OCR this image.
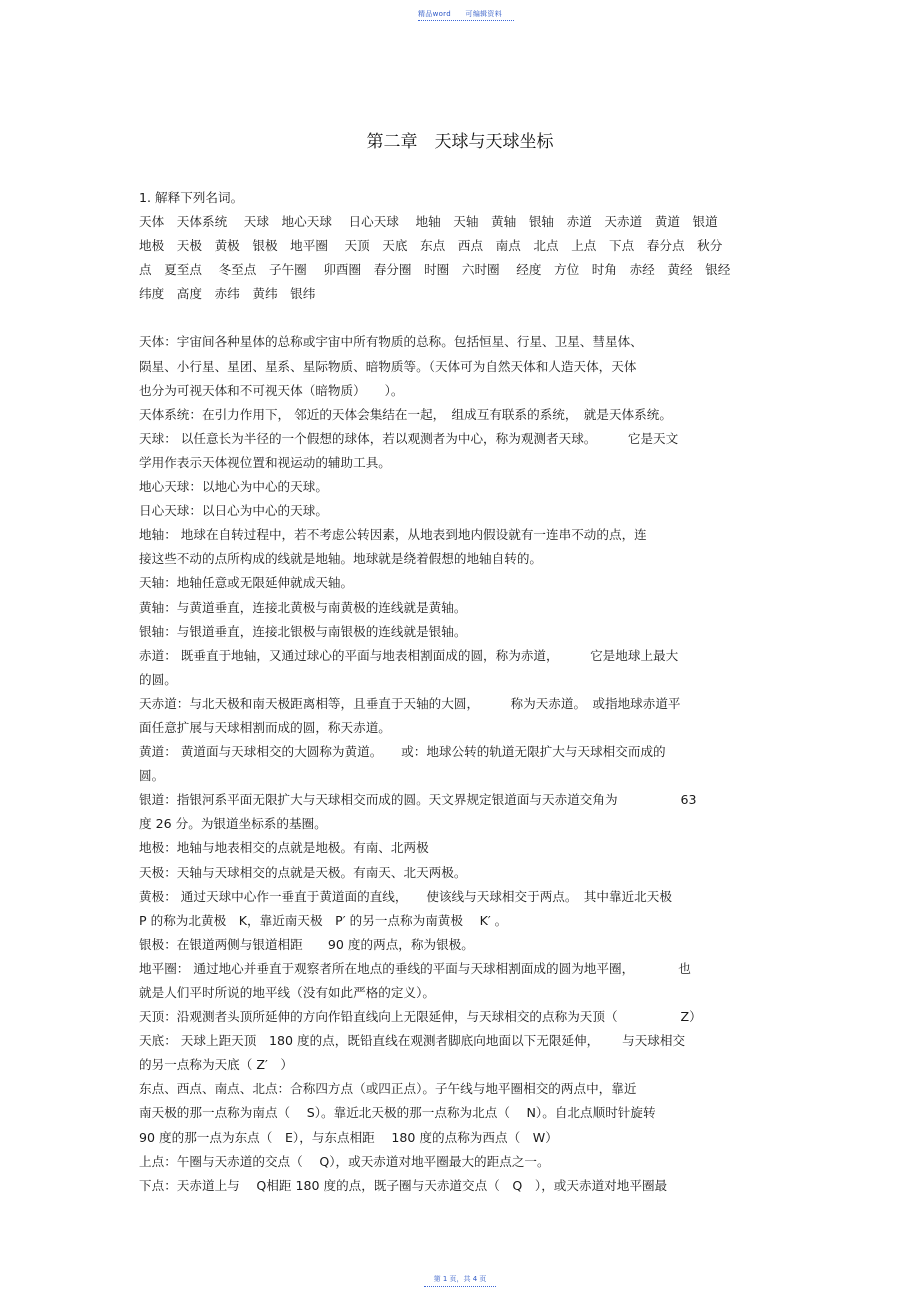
精品word 可编辑资料
第二章　天球与天球坐标
1. 解释下列名词。
天体　天体系统　 天球　地心天球　 日心天球　 地轴　天轴　黄轴　银轴　赤道　天赤道　黄道　银道
地极　天极　黄极　银极　地平圈　 天顶　天底　东点　西点　南点　北点　上点　下点　春分点　秋分
点　夏至点　 冬至点　子午圈　 卯酉圈　春分圈　时圈　六时圈　 经度　方位　时角　赤经　黄经　银经
纬度　高度　赤纬　黄纬　银纬
天体：宇宙间各种星体的总称或宇宙中所有物质的总称。包括恒星、行星、卫星、彗星体、
陨星、小行星、星团、星系、星际物质、暗物质等。（天体可为自然天体和人造天体，天体
也分为可视天体和不可视天体（暗物质）　　）。
天体系统：在引力作用下， 邻近的天体会集结在一起，　组成互有联系的系统，　就是天体系统。
天球： 以任意长为半径的一个假想的球体，若以观测者为中心，称为观测者天球。　　　它是天文
学用作表示天体视位置和视运动的辅助工具。
地心天球：以地心为中心的天球。
日心天球：以日心为中心的天球。
地轴： 地球在自转过程中，若不考虑公转因素，从地表到地内假设就有一连串不动的点，连
接这些不动的点所构成的线就是地轴。地球就是绕着假想的地轴自转的。
天轴：地轴任意或无限延伸就成天轴。
黄轴：与黄道垂直，连接北黄极与南黄极的连线就是黄轴。
银轴：与银道垂直，连接北银极与南银极的连线就是银轴。
赤道： 既垂直于地轴，又通过球心的平面与地表相割面成的圆，称为赤道，　　　它是地球上最大
的圆。
天赤道：与北天极和南天极距离相等，且垂直于天轴的大圆，　　　称为天赤道。　或指地球赤道平
面任意扩展与天球相割而成的圆，称天赤道。
黄道： 黄道面与天球相交的大圆称为黄道。　　或：地球公转的轨道无限扩大与天球相交而成的
圆。
银道：指银河系平面无限扩大与天球相交而成的圆。天文界规定银道面与天赤道交角为　　　　　63
度 26 分。为银道坐标系的基圈。
地极：地轴与地表相交的点就是地极。有南、北两极
天极：天轴与天球相交的点就是天极。有南天、北天两极。
黄极： 通过天球中心作一垂直于黄道面的直线，　　使该线与天球相交于两点。　其中靠近北天极
P 的称为北黄极　K，靠近南天极　P′ 的另一点称为南黄极　 K′ 。
银极：在银道两侧与银道相距　　90 度的两点，称为银极。
地平圈： 通过地心并垂直于观察者所在地点的垂线的平面与天球相割面成的圆为地平圈，　　　　也
就是人们平时所说的地平线（没有如此严格的定义）。
天顶：沿观测者头顶所延伸的方向作铅直线向上无限延伸，与天球相交的点称为天顶（　　　　　Z）
天底： 天球上距天顶　180 度的点，既铅直线在观测者脚底向地面以下无限延伸，　　 与天球相交
的另一点称为天底（ Z′　）
东点、西点、南点、北点：合称四方点（或四正点）。子午线与地平圈相交的两点中，靠近
南天极的那一点称为南点（　 S）。靠近北天极的那一点称为北点（　 N）。自北点顺时针旋转
90 度的那一点为东点（　E），与东点相距　 180 度的点称为西点（　W）
上点：午圈与天赤道的交点（　 Q），或天赤道对地平圈最大的距点之一。
下点：天赤道上与　 Q相距 180 度的点，既子圈与天赤道交点（　Q　），或天赤道对地平圈最
第 1 页，共 4 页
